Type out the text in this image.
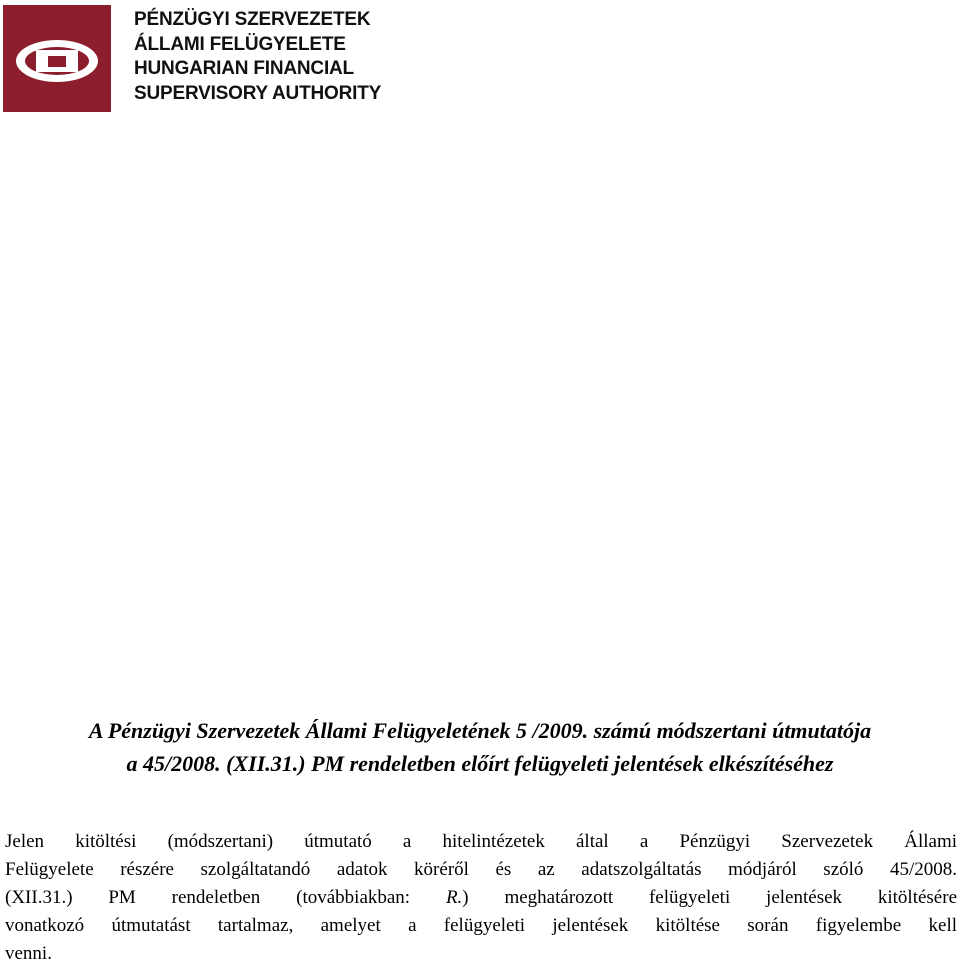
PÉNZÜGYI SZERVEZETEK
ÁLLAMI FELÜGYELETE
HUNGARIAN FINANCIAL
SUPERVISORY AUTHORITY
A Pénzügyi Szervezetek Állami Felügyeletének 5 /2009. számú módszertani útmutatója
a 45/2008. (XII.31.) PM rendeletben előírt felügyeleti jelentések elkészítéséhez
Jelen kitöltési (módszertani) útmutató a hitelintézetek által a Pénzügyi Szervezetek Állami
Felügyelete részére szolgáltatandó adatok köréről és az adatszolgáltatás módjáról szóló 45/2008.
(XII.31.) PM rendeletben (továbbiakban: R.) meghatározott felügyeleti jelentések kitöltésére
vonatkozó útmutatást tartalmaz, amelyet a felügyeleti jelentések kitöltése során figyelembe kell
venni.
